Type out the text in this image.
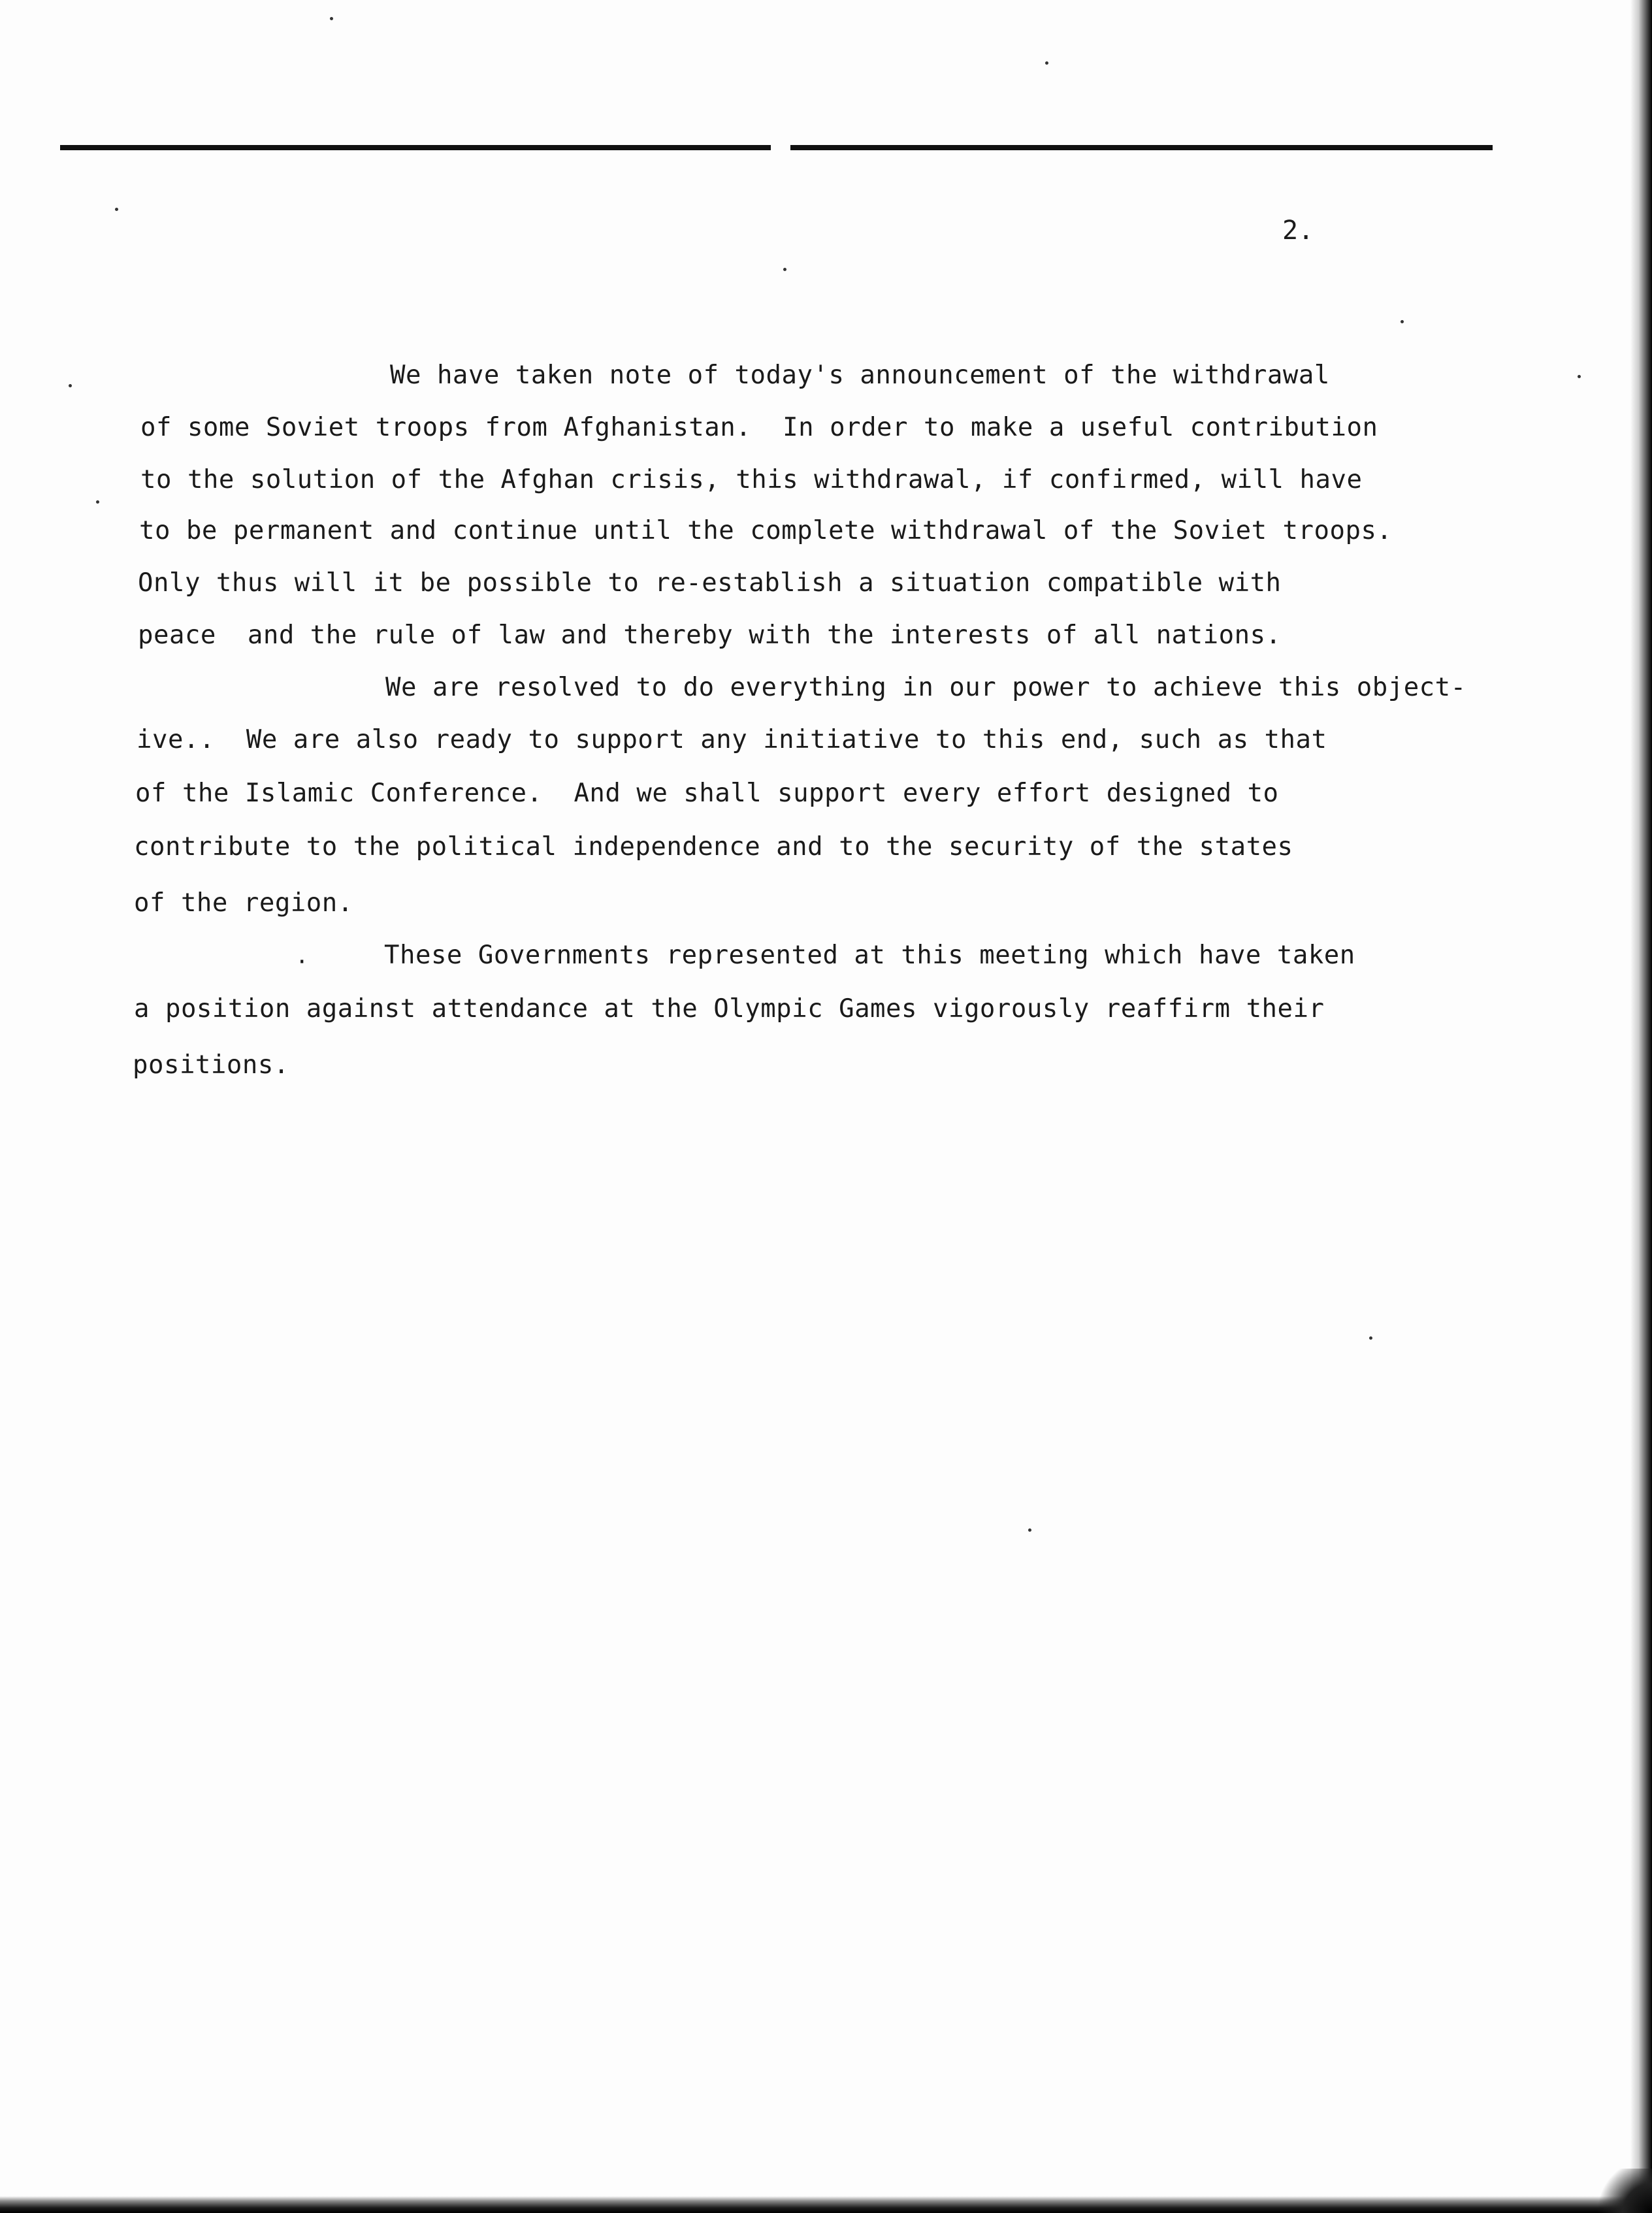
2.
We have taken note of today's announcement of the withdrawal
of some Soviet troops from Afghanistan.  In order to make a useful contribution
to the solution of the Afghan crisis, this withdrawal, if confirmed, will have
to be permanent and continue until the complete withdrawal of the Soviet troops.
Only thus will it be possible to re-establish a situation compatible with
peace  and the rule of law and thereby with the interests of all nations.
We are resolved to do everything in our power to achieve this object-
ive..  We are also ready to support any initiative to this end, such as that
of the Islamic Conference.  And we shall support every effort designed to
contribute to the political independence and to the security of the states
of the region.
·	These Governments represented at this meeting which have taken
a position against attendance at the Olympic Games vigorously reaffirm their
positions.
